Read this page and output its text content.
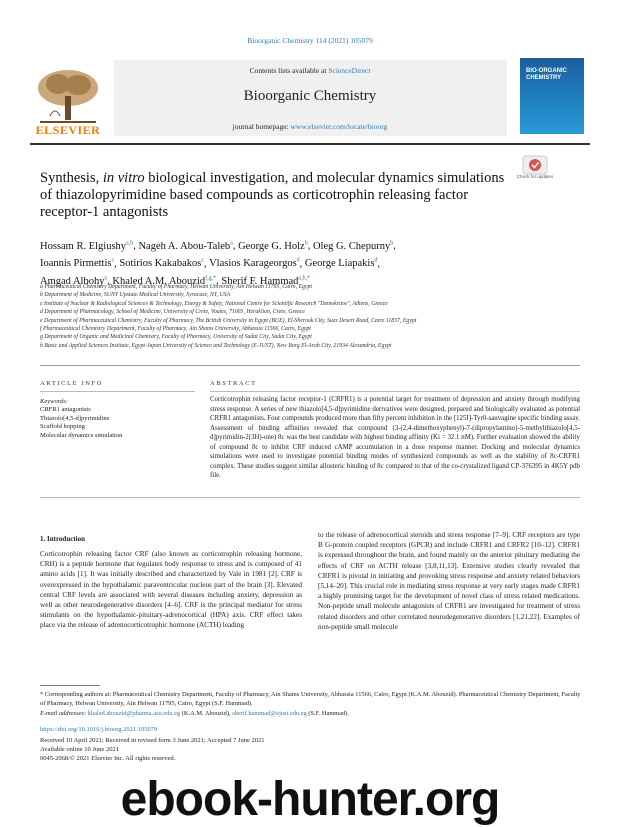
Bioorganic Chemistry 114 (2021) 105079
Contents lists available at ScienceDirect
Bioorganic Chemistry
journal homepage: www.elsevier.com/locate/bioorg
ELSEVIER
BIO-ORGANIC CHEMISTRY
Synthesis, in vitro biological investigation, and molecular dynamics simulations of thiazolopyrimidine based compounds as corticotrophin releasing factor receptor-1 antagonists
Check for updates
Hossam R. Elgiushy$^{a,h}$, Nageh A. Abou-Taleb$^a$, George G. Holz$^b$, Oleg G. Chepurny$^b$,
Ioannis Pirmettis$^c$, Sotirios Kakabakos$^c$, Vlasios Karageorgos$^d$, George Liapakis$^d$,
Amgad Albohy$^e$, Khaled A.M. Abouzid$^{f,g,*}$, Sherif F. Hammad$^{a,h,*}$
a Pharmaceutical Chemistry Department, Faculty of Pharmacy, Helwan University, Ain Helwan 11795, Cairo, Egypt
b Department of Medicine, SUNY Upstate Medical University, Syracuse, NY, USA
c Institute of Nuclear & Radiological Sciences & Technology, Energy & Safety, National Centre for Scientific Research "Demokritos", Athens, Greece
d Department of Pharmacology, School of Medicine, University of Crete, Voutes, 71003, Heraklion, Crete, Greece
e Department of Pharmaceutical Chemistry, Faculty of Pharmacy, The British University in Egypt (BUE), El-Sherouk City, Suez Desert Road, Cairo 11837, Egypt
f Pharmaceutical Chemistry Department, Faculty of Pharmacy, Ain Shams University, Abbassia 11566, Cairo, Egypt
g Department of Organic and Medicinal Chemistry, Faculty of Pharmacy, University of Sadat City, Sadat City, Egypt
h Basic and Applied Sciences Institute, Egypt-Japan University of Science and Technology (E-JUST), New Borg El-Arab City, 21934 Alexandria, Egypt
ARTICLE INFO	ABSTRACT
Keywords:
CRFR1 antagonists
Thiazolo[4,5-d]pyrimidine
Scaffold hopping
Molecular dynamics simulation
Corticotrophin releasing factor receptor-1 (CRFR1) is a potential target for treatment of depression and anxiety through modifying stress response. A series of new thiazolo[4,5-d]pyrimidine derivatives were designed, prepared and biologically evaluated as potential CRFR1 antagonists. Four compounds produced more than fifty percent inhibition in the [125I]-Tyr0-sauvagine specific binding assay. Assessment of binding affinities revealed that compound (3-(2,4-dimethoxyphenyl)-7-(dipropylamino)-5-methylthiazolo[4,5-d]pyrimidin-2(3H)-one) 8c was the best candidate with highest binding affinity (Ki = 32.1 nM). Further evaluation showed the ability of compound 8c to inhibit CRF induced cAMP accumulation in a dose response manner. Docking and molecular dynamics simulations were used to investigate potential binding modes of synthesized compounds as well as the stability of 8c-CRFR1 complex. These studies suggest similar allosteric binding of 8c compared to that of the co-crystalized ligand CP-376395 in 4K5Y pdb file.
1. Introduction
Corticotrophin releasing factor CRF (also known as corticotrophin releasing hormone, CRH) is a peptide hormone that regulates body response to stress and is composed of 41 amino acids [1]. It was initially described and characterized by Vale in 1981 [2]. CRF is overexpressed in the hypothalamic paraventricular nucleus part of the brain [3]. Elevated central CRF levels are associated with several diseases including anxiety, depression as well as other neurodegenerative disorders [4–6]. CRF is the principal mediator for stress stimulants on the hypothalamic-pituitary-adrenocortical (HPA) axis. CRF effect takes place via the release of adrenocorticotrophic hormone (ACTH) leading
to the release of adrenocortical steroids and stress response [7–9]. CRF receptors are type B G-protein coupled receptors (GPCR) and include CRFR1 and CRFR2 [10–12]. CRFR1 is expressed throughout the brain, and found mainly on the anterior pituitary mediating the effects of CRF on ACTH release [3,8,11,13]. Extensive studies clearly revealed that CRFR1 is pivotal in initiating and provoking stress response and anxiety related behaviors [5,14–20]. This crucial role in mediating stress response at very early stages made CRFR1 a highly promising target for the development of novel class of stress related medications. Non-peptide small molecule antagonists of CRFR1 are investigated for treatment of stress related disorders and other correlated neurodegenerative disorders [1,21,22]. Examples of non-peptide small molecule
* Corresponding authors at: Pharmaceutical Chemistry Department, Faculty of Pharmacy, Ain Shams University, Abbassia 11566, Cairo, Egypt (K.A.M. Abouzid). Pharmaceutical Chemistry Department, Faculty of Pharmacy, Helwan University, Ain Helwan 11795, Cairo, Egypt (S.F. Hammad).
E-mail addresses: khaled.abouzid@pharma.asu.edu.eg (K.A.M. Abouzid), sherif.hammad@ejust.edu.eg (S.F. Hammad).
https://doi.org/10.1016/j.bioorg.2021.105079
Received 10 April 2021; Received in revised form 3 June 2021; Accepted 7 June 2021
Available online 10 June 2021
0045-2068/© 2021 Elsevier Inc. All rights reserved.
ebook-hunter.org
